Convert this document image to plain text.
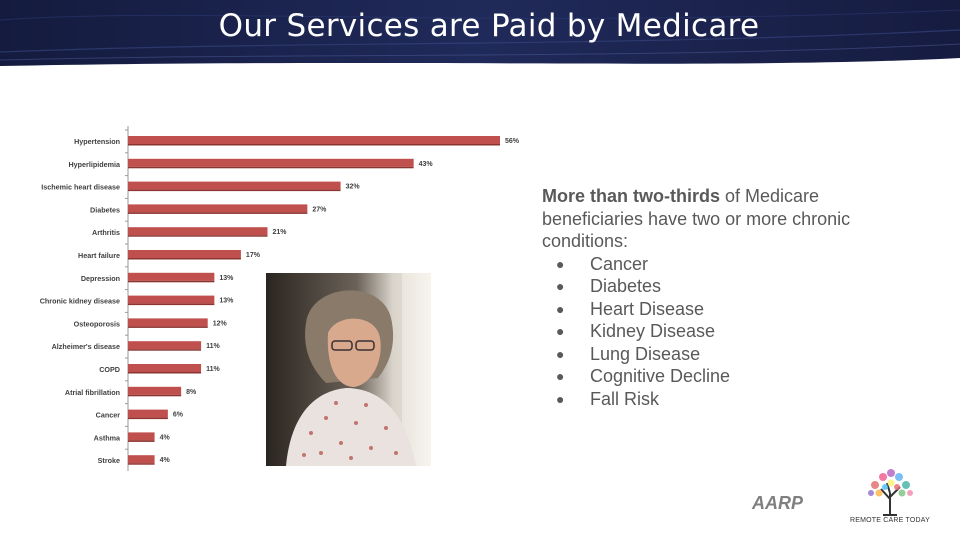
Our Services are Paid by Medicare
Hypertension	56%
Hyperlipidemia	43%
Ischemic heart disease	32%
Diabetes	27%
Arthritis	21%
Heart failure	17%
Depression	13%
Chronic kidney disease	13%
Osteoporosis	12%
Alzheimer's disease	11%
COPD	11%
Atrial fibrillation	8%
Cancer	6%
Asthma	4%
Stroke	4%
More than two-thirds of Medicare beneficiaries have two or more chronic conditions:
● Cancer
● Diabetes
● Heart Disease
● Kidney Disease
● Lung Disease
● Cognitive Decline
● Fall Risk
AARP
REMOTE CARE TODAY
